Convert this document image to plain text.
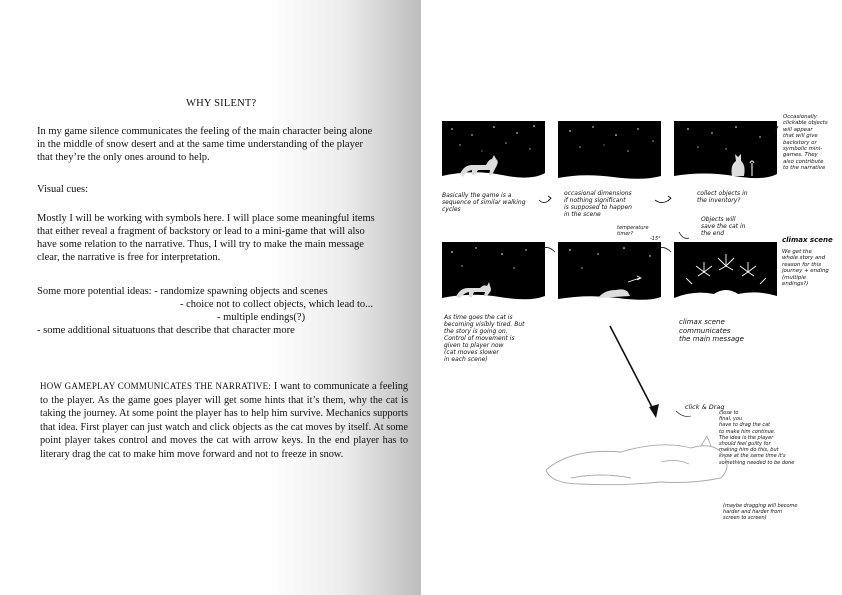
WHY SILENT?
In my game silence communicates the feeling of the main character being alone
in the middle of snow desert and at the same time understanding of the player
that they’re the only ones around to help.
Visual cues:
Mostly I will be working with symbols here. I will place some meaningful items
that either reveal a fragment of backstory or lead to a mini-game that will also
have some relation to the narrative. Thus, I will try to make the main message
clear, the narrative is free for interpretation.
Some more potential ideas: - randomize spawning objects and scenes
- choice not to collect objects, which lead to...
- multiple endings(?)
- some additional situatuons that describe that character more
HOW GAMEPLAY COMMUNICATES THE NARRATIVE: I want to communicate a feeling to the player. As the game goes player will get some hints that it’s them, why the cat is taking the journey. At some point the player has to help him survive. Mechanics supports that idea. First player can just watch and click objects as the cat moves by itself. At some point player takes control and moves the cat with arrow keys. In the end player has to literary drag the cat to make him move forward and not to freeze in snow.
Basically the game is a
sequence of similar walking
cycles
occasional dimensions
if nothing significant
is supposed to happen
in the scene
collect objects in
the inventory?
Occasionally
clickable objects
will appear
that will give
backstory or
symbolic mini-
games. They
also contribute
to the narrative
Objects will
save the cat in
the end
climax scene
We get the
whole story and
reason for this
journey + ending
(multiple
endings?)
temperature
timer?
-15°
As time goes the cat is
becoming visibly tired. But
the story is going on.
Control of movement is
given to player now
(cat moves slower
in each scene)
climax scene
communicates
the main message
click & Drag
close to
final, you
have to drag the cat
to make him continue.
The idea is the player
should feel guilty for
making him do this, but
know at the same time it's
something needed to be done
(maybe dragging will become
harder and harder from
screen to screen)
